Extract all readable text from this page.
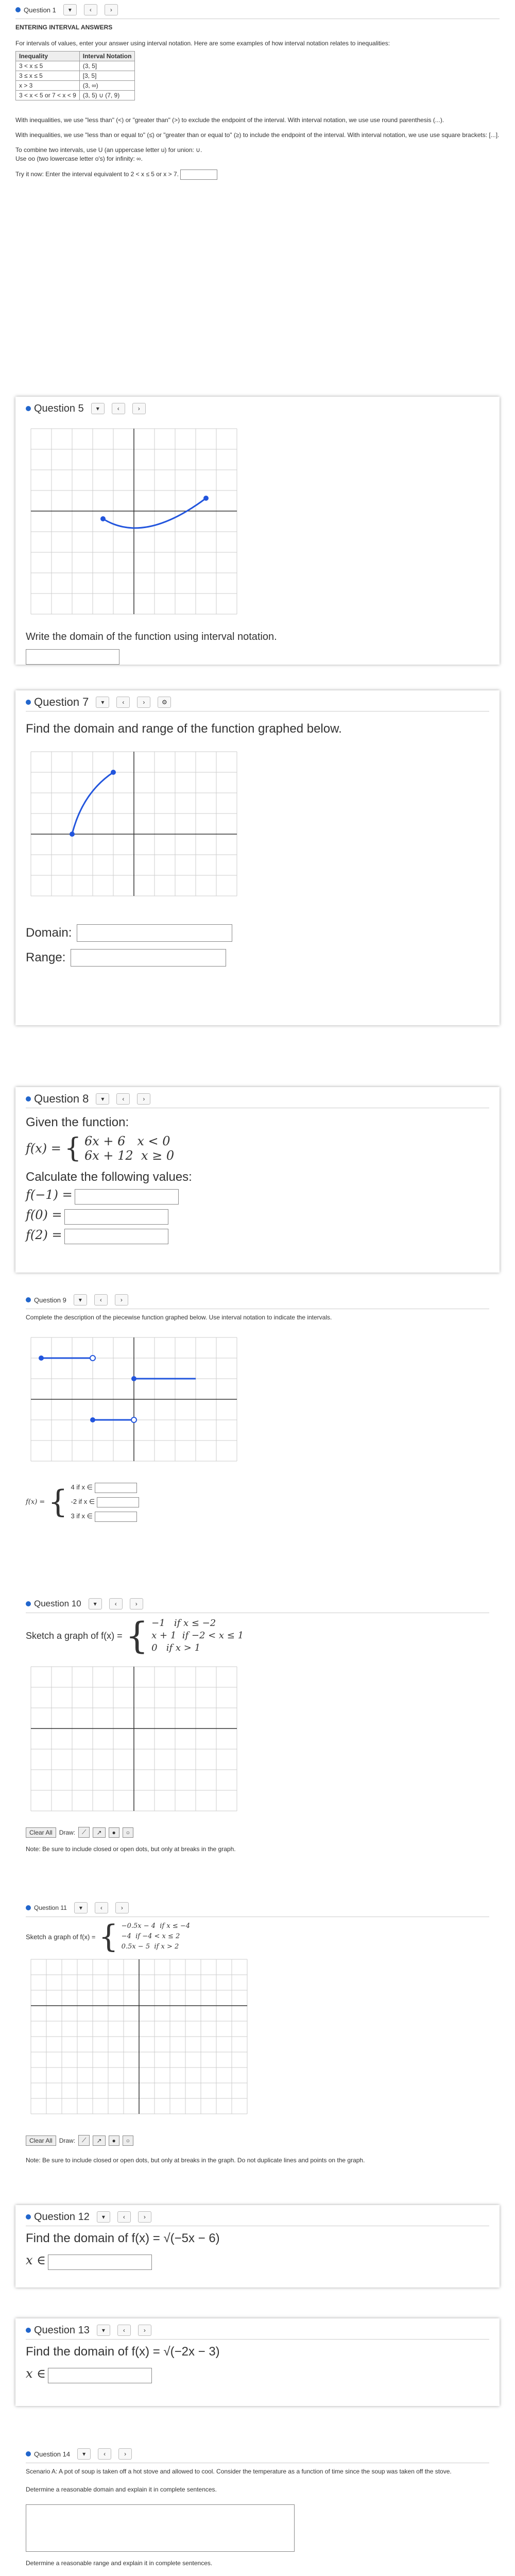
Question 1	▾	‹	›
ENTERING INTERVAL ANSWERS
For intervals of values, enter your answer using interval notation. Here are some examples of how interval notation relates to inequalities:
Inequality	Interval Notation
3 < x ≤ 5	(3, 5]
3 ≤ x ≤ 5	[3, 5]
x > 3	(3, ∞)
3 < x < 5 or 7 < x < 9	(3, 5) ∪ (7, 9)
With inequalities, we use "less than" (<) or "greater than" (>) to exclude the endpoint of the interval. With interval notation, we use use round parenthesis (...).
With inequalities, we use "less than or equal to" (≤) or "greater than or equal to" (≥) to include the endpoint of the interval. With interval notation, we use use square brackets: [...].
To combine two intervals, use U (an uppercase letter u) for union: ∪.
Use oo (two lowercase letter o's) for infinity: ∞.
Try it now: Enter the interval equivalent to 2 < x ≤ 5 or x > 7.
Question 5	▾	‹	›
Write the domain of the function using interval notation.
Question 7	▾	‹	›	⚙
Find the domain and range of the function graphed below.
Domain:
Range:
Question 8	▾	‹	›
Given the function:
f(x) = { 6x + 6 x < 0
6x + 12 x ≥ 0
Calculate the following values:
f(−1) =
f(0) =
f(2) =
Question 9	▾	‹	›
Complete the description of the piecewise function graphed below. Use interval notation to indicate the intervals.
f(x) = { 4 if x ∈
-2 if x ∈
3 if x ∈
Question 10	▾	‹	›
Sketch a graph of f(x) = { −1 if x ≤ −2
x + 1 if −2 < x ≤ 1
0 if x > 1
Clear All	Draw:	⟋	↗	●	○
Note: Be sure to include closed or open dots, but only at breaks in the graph.
Question 11	▾	‹	›
Sketch a graph of f(x) = { −0.5x − 4 if x ≤ −4
−4 if −4 < x ≤ 2
0.5x − 5 if x > 2
Clear All	Draw:	⟋	↗	●	○
Note: Be sure to include closed or open dots, but only at breaks in the graph. Do not duplicate lines and points on the graph.
Question 12	▾	‹	›
Find the domain of f(x) = √(−5x − 6)
x ∈
Question 13	▾	‹	›
Find the domain of f(x) = √(−2x − 3)
x ∈
Question 14	▾	‹	›
Scenario A: A pot of soup is taken off a hot stove and allowed to cool. Consider the temperature as a function of time since the soup was taken off the stove.
Determine a reasonable domain and explain it in complete sentences.
Determine a reasonable range and explain it in complete sentences.
